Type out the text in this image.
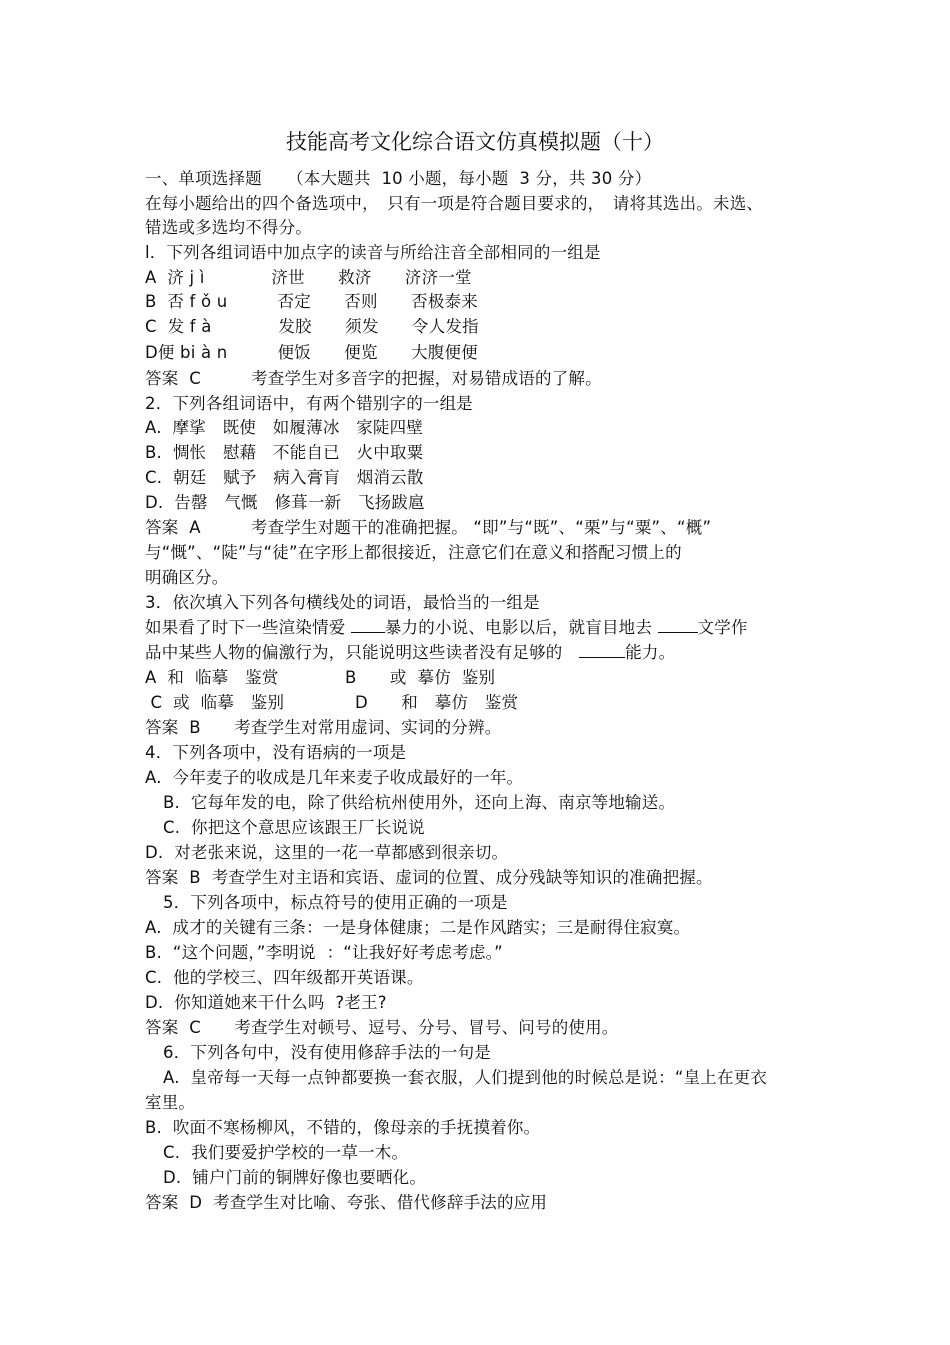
技能高考文化综合语文仿真模拟题（十）
一、单项选择题　　（本大题共  10 小题，每小题  3 分，共 30 分）
在每小题给出的四个备选项中，　只有一项是符合题目要求的，　请将其选出。未选、
错选或多选均不得分。
l．下列各组词语中加点字的读音与所给注音全部相同的一组是
A  济 j ì　　　　济世　　救济　　济济一堂
B  否 f ǒ u　　　否定　　否则　　否极泰来
C  发 f à　　　　发胶　　须发　　令人发指
D便 bi à n　　　便饭　　便览　　大腹便便
答案  C　　　考查学生对多音字的把握，对易错成语的了解。
2．下列各组词语中，有两个错别字的一组是
A.  摩挲　既使　如履薄冰　家陡四壁
B.  惆怅　慰藉　不能自已　火中取粟
C.  朝廷　赋予　病入膏肓　烟消云散
D.  告罄　气慨　修葺一新　飞扬跋扈
答案  A　　　考查学生对题干的准确把握。 “即”与“既”、“栗”与“粟”、“概”
与“慨”、“陡”与“徒”在字形上都很接近，注意它们在意义和搭配习惯上的
明确区分。
3．依次填入下列各句横线处的词语，最恰当的一组是
如果看了时下一些渲染情爱 暴力的小说、电影以后，就盲目地去	文学作
品中某些人物的偏激行为，只能说明这些读者没有足够的　	能力。
A  和  临摹　鉴赏	B　　或  摹仿  鉴别
C  或  临摹　鉴别	D　　和　摹仿　鉴赏
答案  B　　考查学生对常用虚词、实词的分辨。
4．下列各项中，没有语病的一项是
A.  今年麦子的收成是几年来麦子收成最好的一年。
B.  它每年发的电，除了供给杭州使用外，还向上海、南京等地输送。
C.  你把这个意思应该跟王厂长说说
D.  对老张来说，这里的一花一草都感到很亲切。
答案  B  考查学生对主语和宾语、虚词的位置、成分残缺等知识的准确把握。
5．下列各项中，标点符号的使用正确的一项是
A.  成才的关键有三条：一是身体健康；二是作风踏实；三是耐得住寂寞。
B.  “这个问题，”李明说  ：“让我好好考虑考虑。”
C.  他的学校三、四年级都开英语课。
D.  你知道她来干什么吗  ?老王?
答案  C　　考查学生对顿号、逗号、分号、冒号、问号的使用。
6．下列各句中，没有使用修辞手法的一句是
A.  皇帝每一天每一点钟都要换一套衣服，人们提到他的时候总是说：“皇上在更衣
室里。
B.  吹面不寒杨柳风，不错的，像母亲的手抚摸着你。
C.  我们要爱护学校的一草一木。
D.  铺户门前的铜牌好像也要晒化。
答案  D  考查学生对比喻、夸张、借代修辞手法的应用
